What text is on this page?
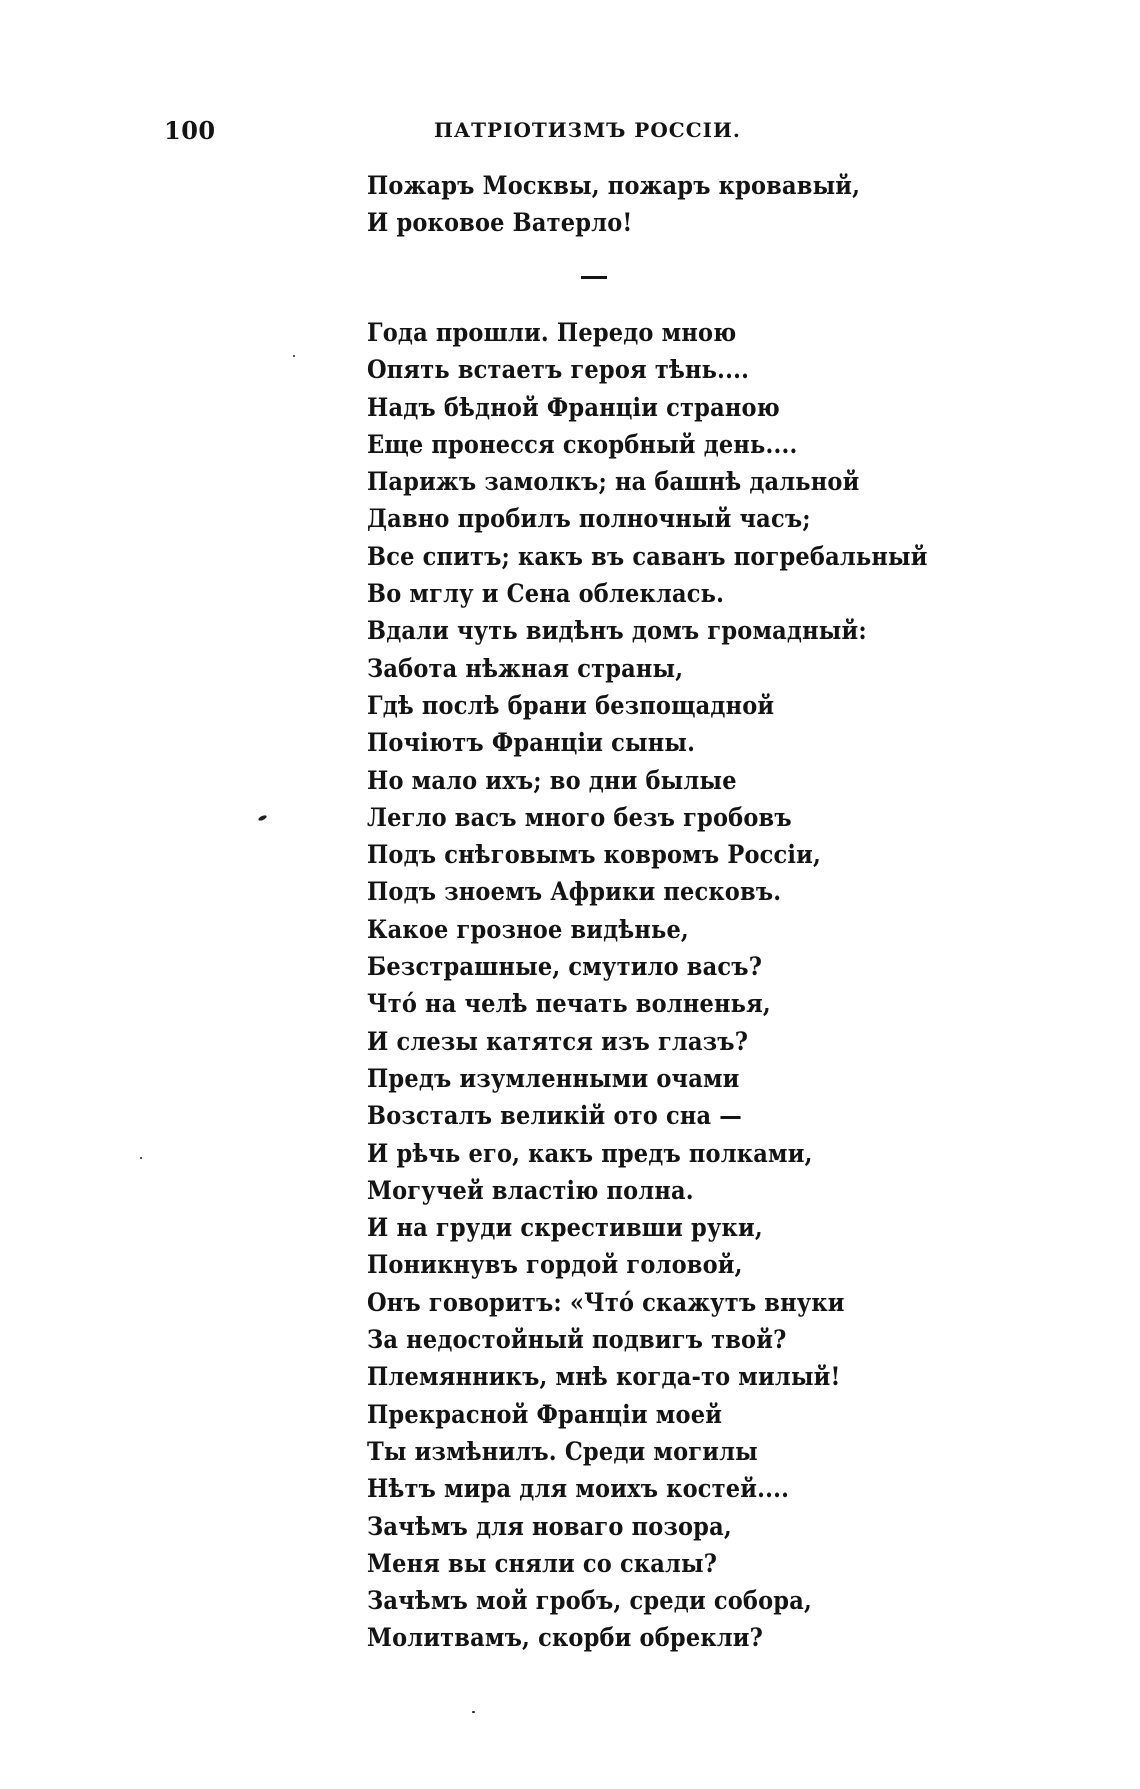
100	ПАТРІОТИЗМЪ РОССІИ.
Пожаръ Москвы, пожаръ кровавый,
И роковое Ватерло!
Года прошли. Передо мною
Опять встаетъ героя тѣнь....
Надъ бѣдной Франціи страною
Еще пронесся скорбный день....
Парижъ замолкъ; на башнѣ дальной
Давно пробилъ полночный часъ;
Все спитъ; какъ въ саванъ погребальный
Во мглу и Сена облеклась.
Вдали чуть видѣнъ домъ громадный:
Забота нѣжная страны,
Гдѣ послѣ брани безпощадной
Почіютъ Франціи сыны.
Но мало ихъ; во дни былые
Легло васъ много безъ гробовъ
Подъ снѣговымъ ковромъ Россіи,
Подъ зноемъ Африки песковъ.
Какое грозное видѣнье,
Безстрашные, смутило васъ?
Чтó на челѣ печать волненья,
И слезы катятся изъ глазъ?
Предъ изумленными очами
Возсталъ великій ото сна —
И рѣчь его, какъ предъ полками,
Могучей властію полна.
И на груди скрестивши руки,
Поникнувъ гордой головой,
Онъ говоритъ: «Чтó скажутъ внуки
За недостойный подвигъ твой?
Племянникъ, мнѣ когда-то милый!
Прекрасной Франціи моей
Ты измѣнилъ. Среди могилы
Нѣтъ мира для моихъ костей....
Зачѣмъ для новаго позора,
Меня вы сняли со скалы?
Зачѣмъ мой гробъ, среди собора,
Молитвамъ, скорби обрекли?
